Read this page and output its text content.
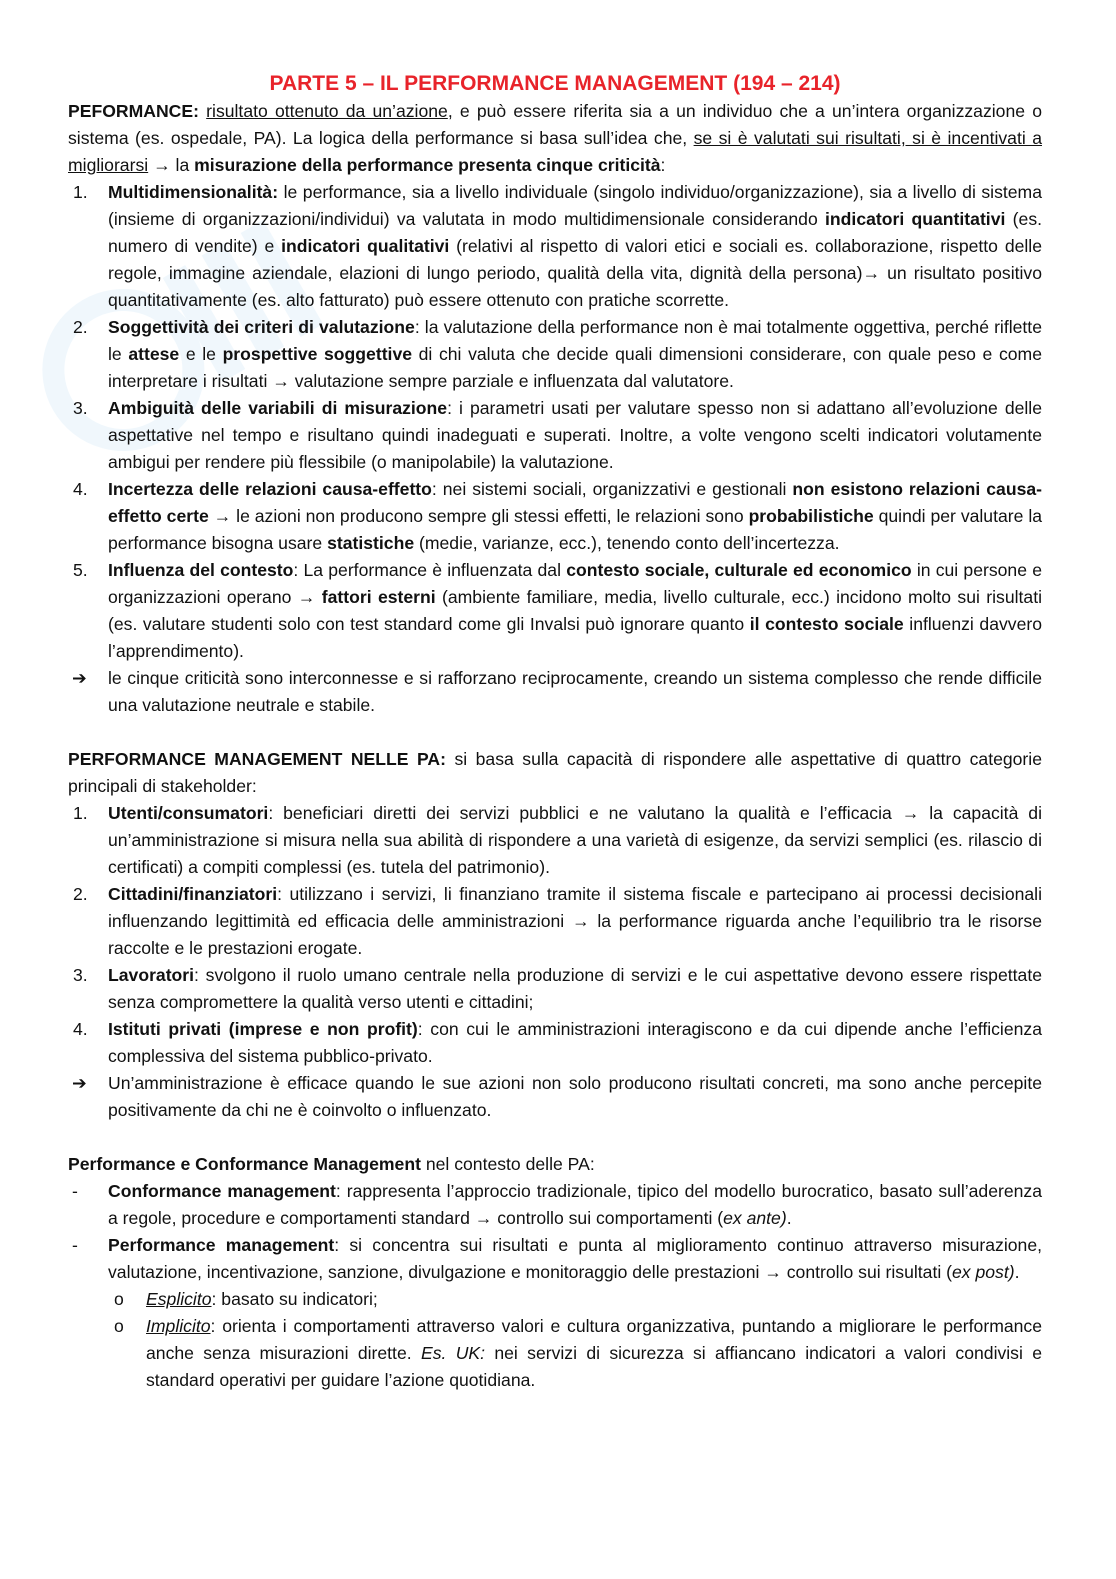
PARTE 5 – IL PERFORMANCE MANAGEMENT (194 – 214)

PEFORMANCE: risultato ottenuto da un’azione, e può essere riferita sia a un individuo che a un’intera organizzazione o sistema (es. ospedale, PA). La logica della performance si basa sull’idea che, se si è valutati sui risultati, si è incentivati a migliorarsi → la misurazione della performance presenta cinque criticità:

1.	Multidimensionalità: le performance, sia a livello individuale (singolo individuo/organizzazione), sia a livello di sistema (insieme di organizzazioni/individui) va valutata in modo multidimensionale considerando indicatori quantitativi (es. numero di vendite) e indicatori qualitativi (relativi al rispetto di valori etici e sociali es. collaborazione, rispetto delle regole, immagine aziendale, elazioni di lungo periodo, qualità della vita, dignità della persona)→ un risultato positivo quantitativamente (es. alto fatturato) può essere ottenuto con pratiche scorrette.
2.	Soggettività dei criteri di valutazione: la valutazione della performance non è mai totalmente oggettiva, perché riflette le attese e le prospettive soggettive di chi valuta che decide quali dimensioni considerare, con quale peso e come interpretare i risultati → valutazione sempre parziale e influenzata dal valutatore.
3.	Ambiguità delle variabili di misurazione: i parametri usati per valutare spesso non si adattano all’evoluzione delle aspettative nel tempo e risultano quindi inadeguati e superati. Inoltre, a volte vengono scelti indicatori volutamente ambigui per rendere più flessibile (o manipolabile) la valutazione.
4.	Incertezza delle relazioni causa-effetto: nei sistemi sociali, organizzativi e gestionali non esistono relazioni causa-effetto certe → le azioni non producono sempre gli stessi effetti, le relazioni sono probabilistiche quindi per valutare la performance bisogna usare statistiche (medie, varianze, ecc.), tenendo conto dell’incertezza.
5.	Influenza del contesto: La performance è influenzata dal contesto sociale, culturale ed economico in cui persone e organizzazioni operano → fattori esterni (ambiente familiare, media, livello culturale, ecc.) incidono molto sui risultati (es. valutare studenti solo con test standard come gli Invalsi può ignorare quanto il contesto sociale influenzi davvero l’apprendimento).
➔	le cinque criticità sono interconnesse e si rafforzano reciprocamente, creando un sistema complesso che rende difficile una valutazione neutrale e stabile.

PERFORMANCE MANAGEMENT NELLE PA: si basa sulla capacità di rispondere alle aspettative di quattro categorie principali di stakeholder:

1.	Utenti/consumatori: beneficiari diretti dei servizi pubblici e ne valutano la qualità e l’efficacia → la capacità di un’amministrazione si misura nella sua abilità di rispondere a una varietà di esigenze, da servizi semplici (es. rilascio di certificati) a compiti complessi (es. tutela del patrimonio).
2.	Cittadini/finanziatori: utilizzano i servizi, li finanziano tramite il sistema fiscale e partecipano ai processi decisionali influenzando legittimità ed efficacia delle amministrazioni → la performance riguarda anche l’equilibrio tra le risorse raccolte e le prestazioni erogate.
3.	Lavoratori: svolgono il ruolo umano centrale nella produzione di servizi e le cui aspettative devono essere rispettate senza compromettere la qualità verso utenti e cittadini;
4.	Istituti privati (imprese e non profit): con cui le amministrazioni interagiscono e da cui dipende anche l’efficienza complessiva del sistema pubblico-privato.
➔	Un’amministrazione è efficace quando le sue azioni non solo producono risultati concreti, ma sono anche percepite positivamente da chi ne è coinvolto o influenzato.

Performance e Conformance Management nel contesto delle PA:

-	Conformance management: rappresenta l’approccio tradizionale, tipico del modello burocratico, basato sull’aderenza a regole, procedure e comportamenti standard → controllo sui comportamenti (ex ante).
-	Performance management: si concentra sui risultati e punta al miglioramento continuo attraverso misurazione, valutazione, incentivazione, sanzione, divulgazione e monitoraggio delle prestazioni → controllo sui risultati (ex post).
o Esplicito: basato su indicatori;
o Implicito: orienta i comportamenti attraverso valori e cultura organizzativa, puntando a migliorare le performance anche senza misurazioni dirette. Es. UK: nei servizi di sicurezza si affiancano indicatori a valori condivisi e standard operativi per guidare l’azione quotidiana.
